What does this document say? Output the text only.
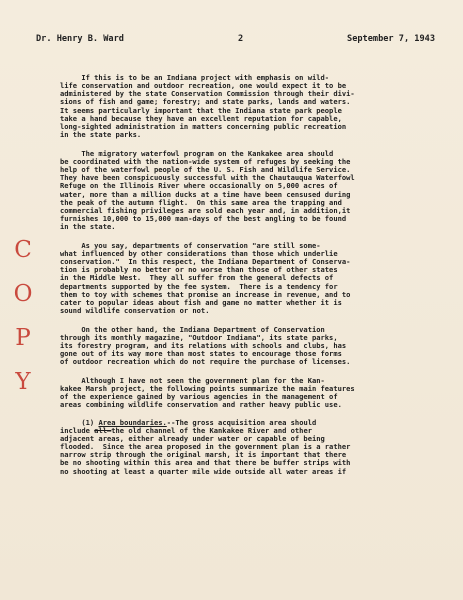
Dr. Henry B. Ward	2	September 7, 1943
C
O
P
Y
If this is to be an Indiana project with emphasis on wild-
life conservation and outdoor recreation, one would expect it to be
administered by the state Conservation Commission through their divi-
sions of fish and game; forestry; and state parks, lands and waters.
It seems particularly important that the Indiana state park people
take a hand because they have an excellent reputation for capable,
long-sighted administration in matters concerning public recreation
in the state parks.
The migratory waterfowl program on the Kankakee area should
be coordinated with the nation-wide system of refuges by seeking the
help of the waterfowl people of the U. S. Fish and Wildlife Service.
They have been conspicuously successful with the Chautauqua Waterfowl
Refuge on the Illinois River where occasionally on 5,000 acres of
water, more than a million ducks at a time have been censused during
the peak of the autumn flight.  On this same area the trapping and
commercial fishing privileges are sold each year and, in addition,it
furnishes 10,000 to 15,000 man-days of the best angling to be found
in the state.
As you say, departments of conservation "are still some-
what influenced by other considerations than those which underlie
conservation."  In this respect, the Indiana Department of Conserva-
tion is probably no better or no worse than those of other states
in the Middle West.  They all suffer from the general defects of
departments supported by the fee system.  There is a tendency for
them to toy with schemes that promise an increase in revenue, and to
cater to popular ideas about fish and game no matter whether it is
sound wildlife conservation or not.
On the other hand, the Indiana Department of Conservation
through its monthly magazine, "Outdoor Indiana", its state parks,
its forestry program, and its relations with schools and clubs, has
gone out of its way more than most states to encourage those forms
of outdoor recreation which do not require the purchase of licenses.
Although I have not seen the government plan for the Kan-
kakee Marsh project, the following points summarize the main features
of the experience gained by various agencies in the management of
areas combining wildlife conservation and rather heavy public use.
(1) Area boundaries.--The gross acquisition area should
include all—the old channel of the Kankakee River and other
adjacent areas, either already under water or capable of being
flooded.  Since the area proposed in the government plan is a rather
narrow strip through the original marsh, it is important that there
be no shooting within this area and that there be buffer strips with
no shooting at least a quarter mile wide outside all water areas if
